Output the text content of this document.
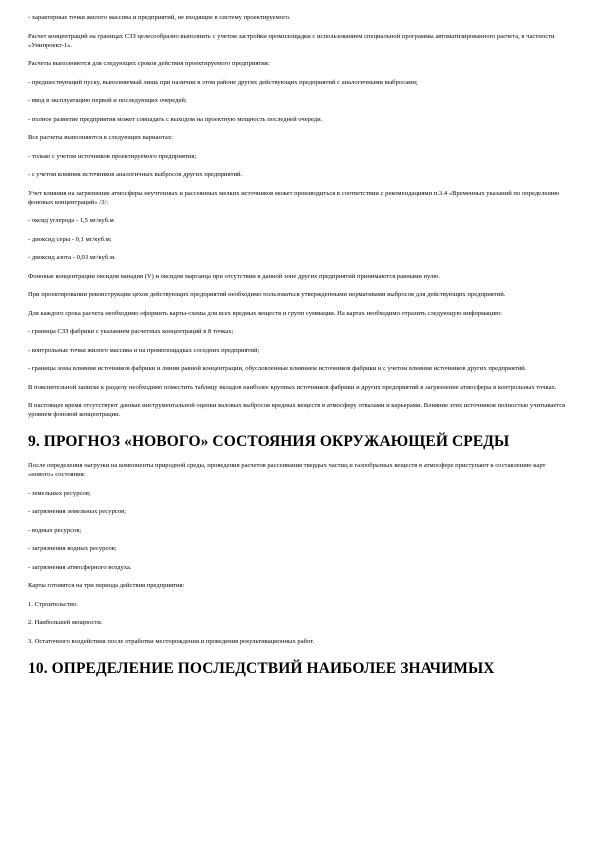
- характерные точки жилого массива и предприятий, не входящие в систему проектируемого.

Расчет концентраций на границах СЗЗ целесообразно выполнить с учетом застройки промплощадки с использованием специальной программы автоматизированного расчета, в частности «Унипроект-1».

Расчеты выполняются для следующих сроков действия проектируемого предприятия:

- предшествующий пуску, выполняемый лишь при наличии в этом районе других действующих предприятий с аналогичными выбросами;

- ввод в эксплуатацию первой и последующих очередей;

- полное развитие предприятия может совпадать с выходом на проектную мощность последней очереди.

Все расчеты выполняются в следующих вариантах:

- только с учетом источников проектируемого предприятия;

- с учетом влияния источников аналогичных выбросов других предприятий.

Учет влияния на загрязнение атмосферы неучтенных и рассеянных мелких источников может производиться в соответствии с рекомендациями п.3.4 «Временных указаний по определению фоновых концентраций» /3/:

- оксид углерода - 1,5 мг/куб.м

- диоксид серы - 0,1 мг/куб.м;

- диоксид азота - 0,03 мг/куб.м.

Фоновые концентрации оксидов ванадия (V) и оксидов марганца при отсутствии в данной зоне других предприятий принимаются равными нулю.

При проектировании реконструкции цехов действующих предприятий необходимо пользоваться утвержденными нормативами выбросов для действующих предприятий.

Для каждого срока расчета необходимо оформить карты-схемы для всех вредных веществ и групп суммации. На картах необходимо отразить следующую информацию:

- границы СЗЗ фабрики с указанием расчетных концентраций в 8 точках;

- контрольные точки жилого массива и на промплощадках соседних предприятий;

- границы зоны влияния источников фабрики и линии равной концентрации, обусловленные влиянием источников фабрики и с учетом влияния источников других предприятий.

В пояснительной записке к разделу необходимо поместить таблицу вкладов наиболее крупных источников фабрики и других предприятий в загрязнение атмосферы в контрольных точках.

В настоящее время отсутствуют данные инструментальной оценки валовых выбросов вредных веществ в атмосферу отвалами и карьерами. Влияние этих источников полностью учитывается уровнем фоновой концентрации.

9. ПРОГНОЗ «НОВОГО» СОСТОЯНИЯ ОКРУЖАЮЩЕЙ СРЕДЫ

После определения нагрузки на компоненты природной среды, проведения расчетов рассеивания твердых частиц и газообразных веществ в атмосфере приступают к составлению карт «нового» состояния:

- земельных ресурсов;

- загрязнения земельных ресурсов;

- водных ресурсов;

- загрязнения водных ресурсов;

- загрязнения атмосферного воздуха.

Карты готовятся на три периода действия предприятия:

1. Строительство.

2. Наибольшей мощности.

3. Остаточного воздействия после отработки месторождения и проведения рекультивационных работ.

10. ОПРЕДЕЛЕНИЕ ПОСЛЕДСТВИЙ НАИБОЛЕЕ ЗНАЧИМЫХ
